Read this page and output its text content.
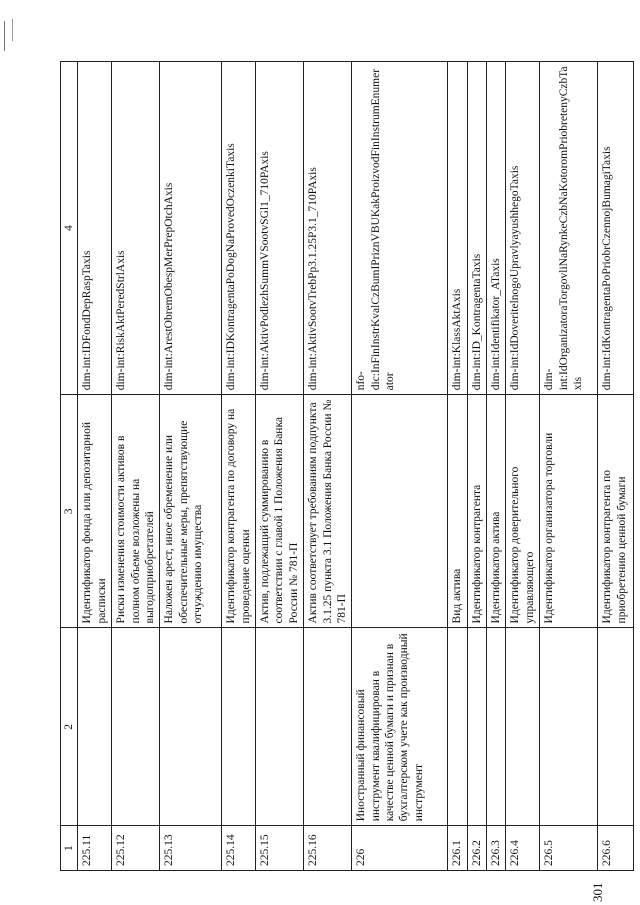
301
1	2	3	4
225.11		Идентификатор фонда или депозитарной расписки	dim-int:IDFondDepRaspTaxis
225.12		Риски изменения стоимости активов в полном объеме возложены на выгодоприобретателей	dim-int:RiskAktPeredStrlAxis
225.13		Наложен арест, иное обременение или обеспечительные меры, препятствующие отчуждению имущества	dim-int:ArestObremObespMerPrepOtchAxis
225.14		Идентификатор контрагента по договору на проведение оценки	dim-int:IDKontragentaPoDogNaProvedOczenkiTaxis
225.15		Актив, подлежащий суммированию в соответствии с главой 1 Положения Банка России № 781-П	dim-int:AktivPodlezhSummVSootvSGl1_710PAxis
225.16		Актив соответствует требованиям подпункта 3.1.25 пункта 3.1 Положения Банка России № 781-П	dim-int:AktivSootvTrebPp3.1.25P3.1_710PAxis
226	Иностранный финансовый инструмент квалифицирован в качестве ценной бумаги и признан в бухгалтерском учете как производный инструмент		nfo-dic:InFinInstrKvalCzBumIPriznVBUKakProizvodFinInstrumEnumerator
226.1		Вид актива	dim-int:KlassAktAxis
226.2		Идентификатор контрагента	dim-int:ID_KontragentaTaxis
226.3		Идентификатор актива	dim-int:Identifikator_ATaxis
226.4		Идентификатор доверительного управляющего	dim-int:IdDoveritelnogoUpravlyayushhegoTaxis
226.5		Идентификатор организатора торговли	dim-int:IdOrganizatoraTorgovliNaRynkeCzbNaKotoromPriobretenyCzbTaxis
226.6		Идентификатор контрагента по приобретению ценной бумаги	dim-int:IdKontragentaPoPriobrCzennojBumagiTaxis
